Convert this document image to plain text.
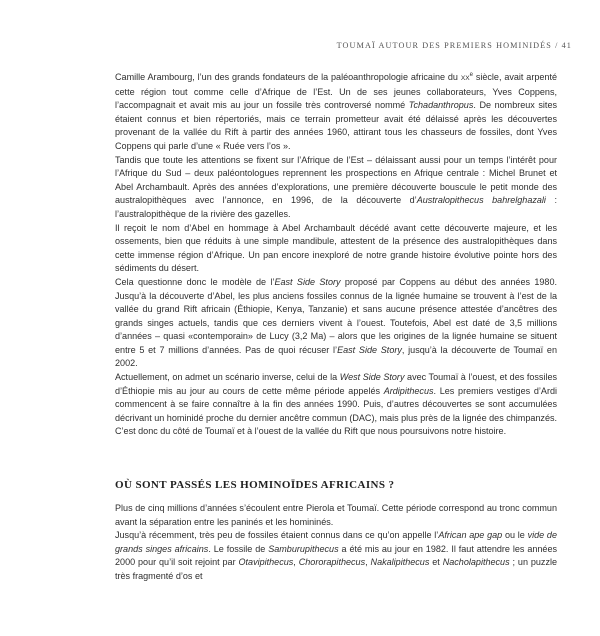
TOUMAÏ AUTOUR DES PREMIERS HOMINIDÉS / 41

Camille Arambourg, l’un des grands fondateurs de la paléoanthropologie africaine du XXe siècle, avait arpenté cette région tout comme celle d’Afrique de l’Est. Un de ses jeunes collaborateurs, Yves Coppens, l’accompagnait et avait mis au jour un fossile très controversé nommé Tchadanthropus. De nombreux sites étaient connus et bien répertoriés, mais ce terrain prometteur avait été délaissé après les découvertes provenant de la vallée du Rift à partir des années 1960, attirant tous les chasseurs de fossiles, dont Yves Coppens qui parle d’une « Ruée vers l’os ».

Tandis que toute les attentions se fixent sur l’Afrique de l’Est – délaissant aussi pour un temps l’intérêt pour l’Afrique du Sud – deux paléontologues reprennent les prospections en Afrique centrale : Michel Brunet et Abel Archambault. Après des années d’explorations, une première découverte bouscule le petit monde des australopithèques avec l’annonce, en 1996, de la découverte d’Australopithecus bahrelghazali : l’australopithèque de la rivière des gazelles.

Il reçoit le nom d’Abel en hommage à Abel Archambault décédé avant cette découverte majeure, et les ossements, bien que réduits à une simple mandibule, attestent de la présence des australopithèques dans cette immense région d’Afrique. Un pan encore inexploré de notre grande histoire évolutive pointe hors des sédiments du désert.

Cela questionne donc le modèle de l’East Side Story proposé par Coppens au début des années 1980. Jusqu’à la découverte d’Abel, les plus anciens fossiles connus de la lignée humaine se trouvent à l’est de la vallée du grand Rift africain (Éthiopie, Kenya, Tanzanie) et sans aucune présence attestée d’ancêtres des grands singes actuels, tandis que ces derniers vivent à l’ouest. Toutefois, Abel est daté de 3,5 millions d’années – quasi «contemporain» de Lucy (3,2 Ma) – alors que les origines de la lignée humaine se situent entre 5 et 7 millions d’années. Pas de quoi récuser l’East Side Story, jusqu’à la découverte de Toumaï en 2002.

Actuellement, on admet un scénario inverse, celui de la West Side Story avec Toumaï à l’ouest, et des fossiles d’Éthiopie mis au jour au cours de cette même période appelés Ardipithecus. Les premiers vestiges d’Ardi commencent à se faire connaître à la fin des années 1990. Puis, d’autres découvertes se sont accumulées décrivant un hominidé proche du dernier ancêtre commun (DAC), mais plus près de la lignée des chimpanzés. C’est donc du côté de Toumaï et à l’ouest de la vallée du Rift que nous poursuivons notre histoire.

OÙ SONT PASSÉS LES HOMINOÏDES AFRICAINS ?

Plus de cinq millions d’années s’écoulent entre Pierola et Toumaï. Cette période correspond au tronc commun avant la séparation entre les paninés et les homininés.

Jusqu’à récemment, très peu de fossiles étaient connus dans ce qu’on appelle l’African ape gap ou le vide de grands singes africains. Le fossile de Samburupithecus a été mis au jour en 1982. Il faut attendre les années 2000 pour qu’il soit rejoint par Otavipithecus, Chororapithecus, Nakalipithecus et Nacholapithecus ; un puzzle très fragmenté d’os et
